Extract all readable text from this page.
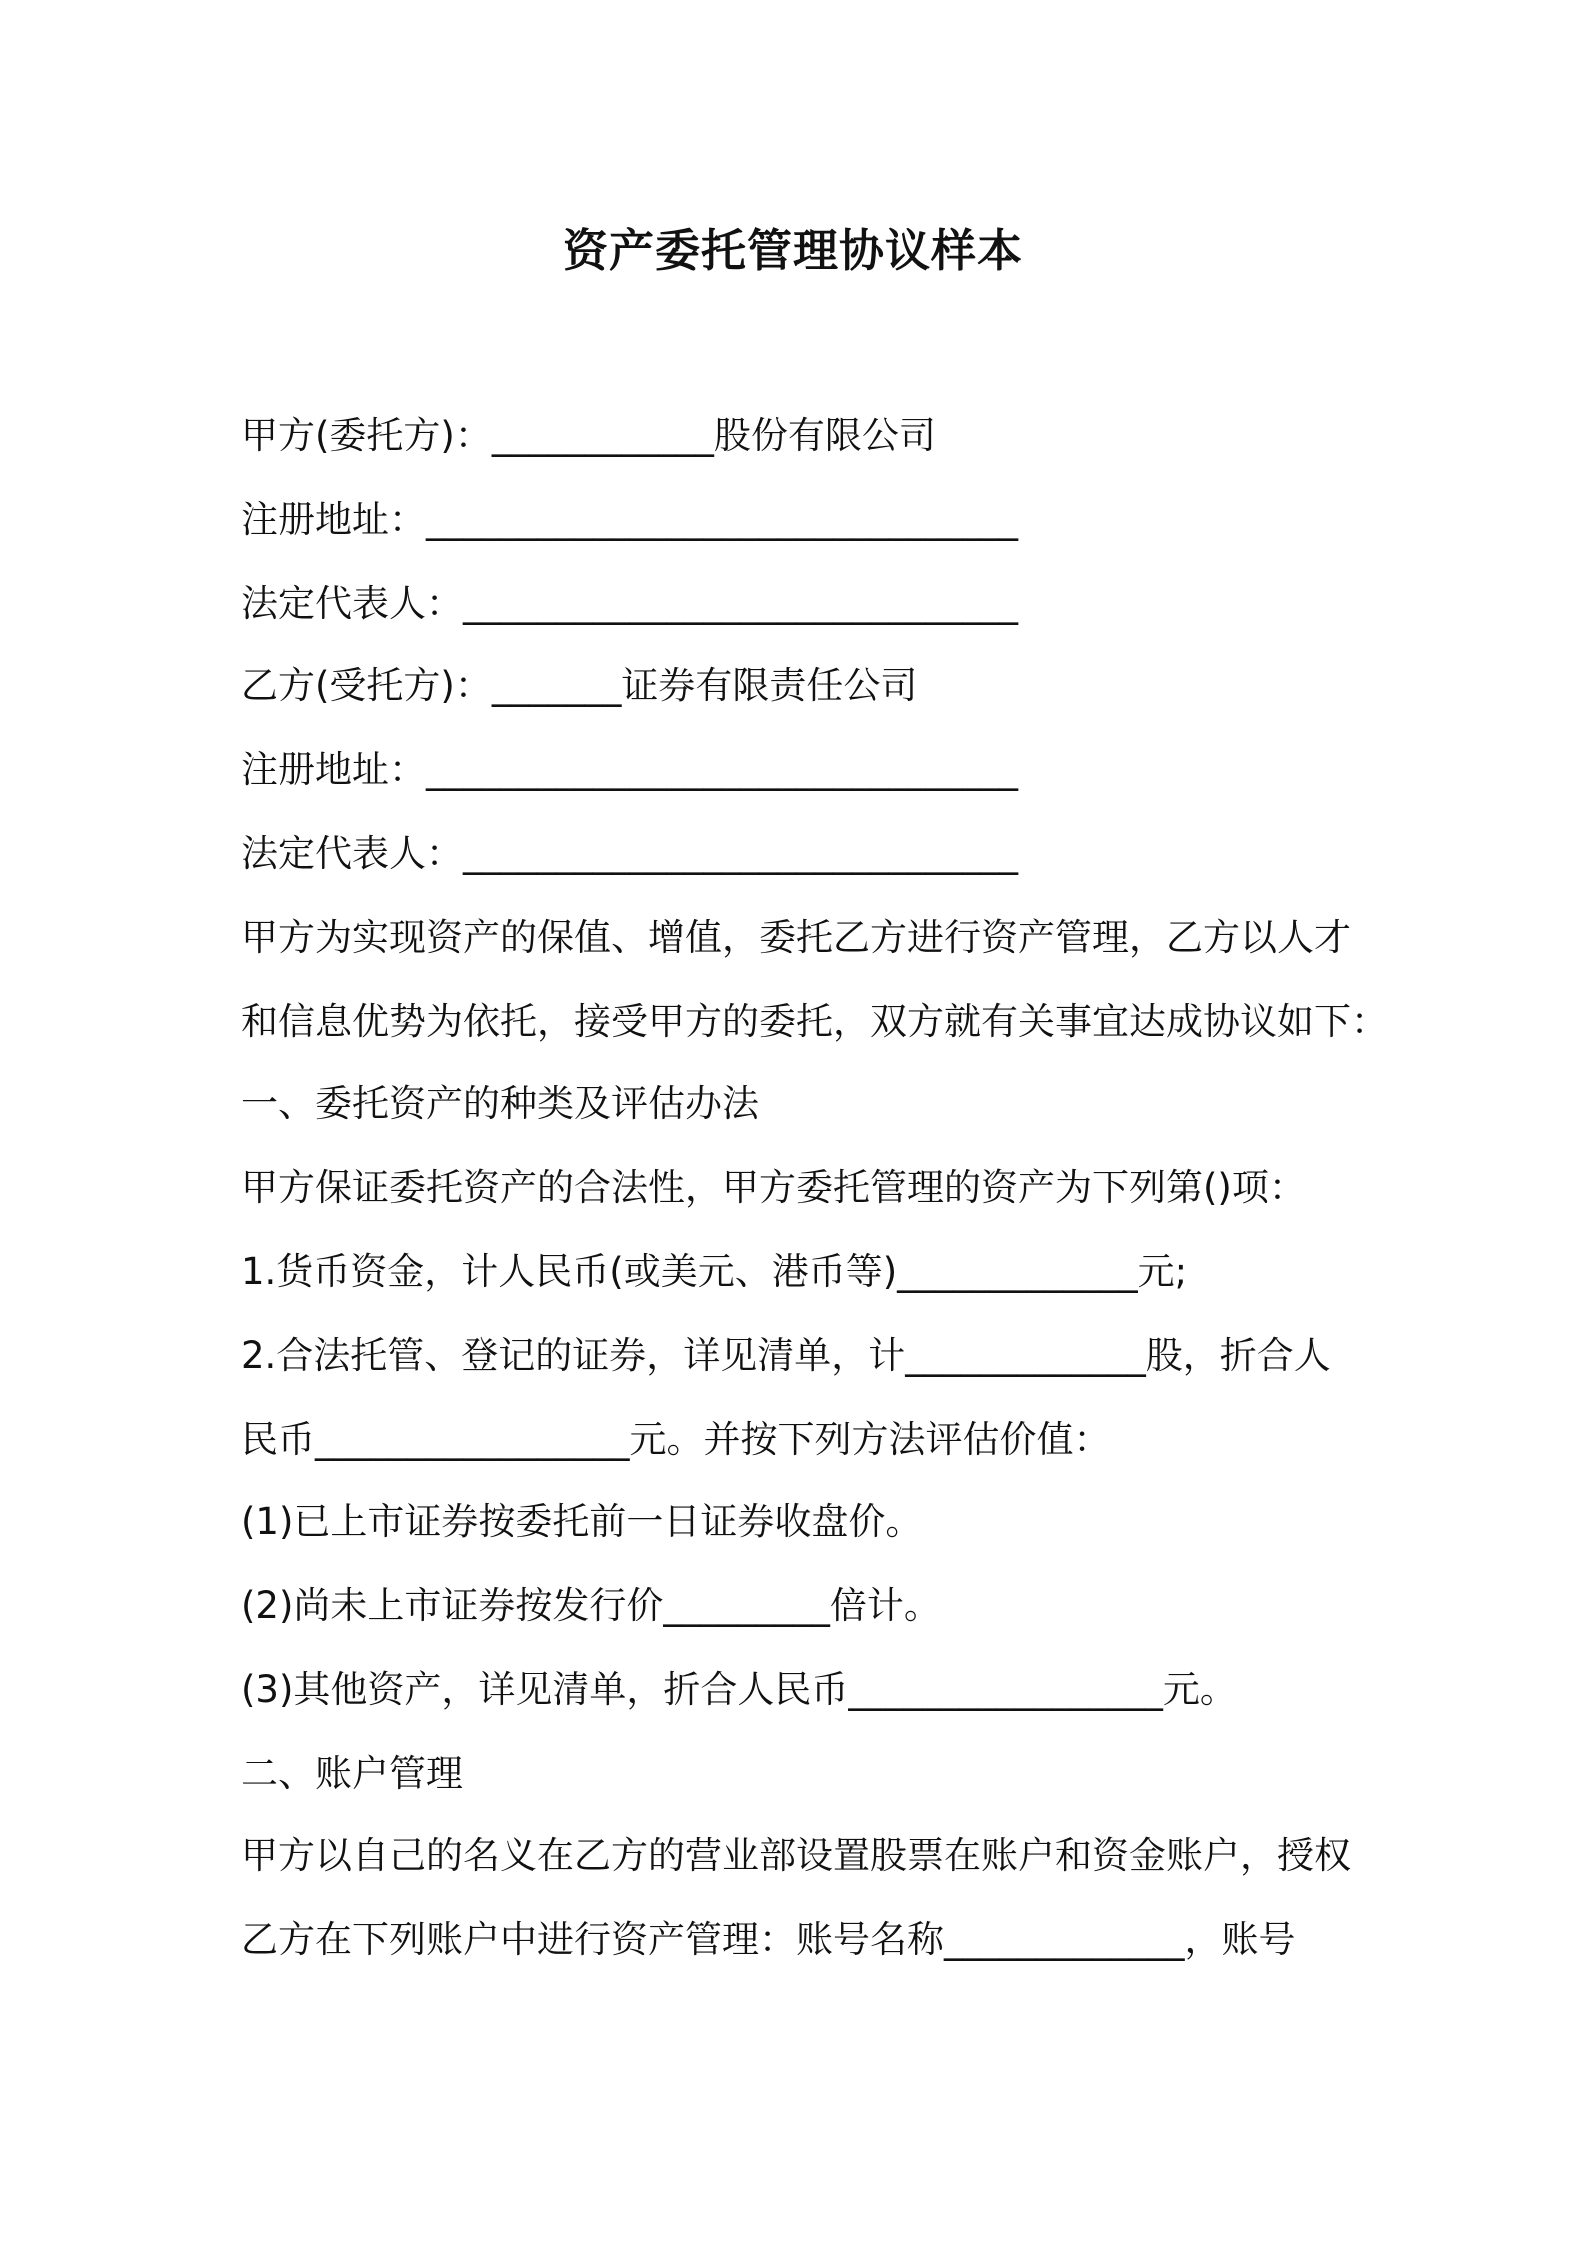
资产委托管理协议样本
甲方(委托方)：____________股份有限公司
注册地址：________________________________
法定代表人：______________________________
乙方(受托方)：_______证券有限责任公司
注册地址：________________________________
法定代表人：______________________________
甲方为实现资产的保值、增值，委托乙方进行资产管理，乙方以人才
和信息优势为依托，接受甲方的委托，双方就有关事宜达成协议如下：
一、委托资产的种类及评估办法
甲方保证委托资产的合法性，甲方委托管理的资产为下列第()项：
1.货币资金，计人民币(或美元、港币等)_____________元;
2.合法托管、登记的证券，详见清单，计_____________股，折合人
民币_________________元。并按下列方法评估价值：
(1)已上市证券按委托前一日证券收盘价。
(2)尚未上市证券按发行价_________倍计。
(3)其他资产，详见清单，折合人民币_________________元。
二、账户管理
甲方以自己的名义在乙方的营业部设置股票在账户和资金账户，授权
乙方在下列账户中进行资产管理：账号名称_____________，账号
